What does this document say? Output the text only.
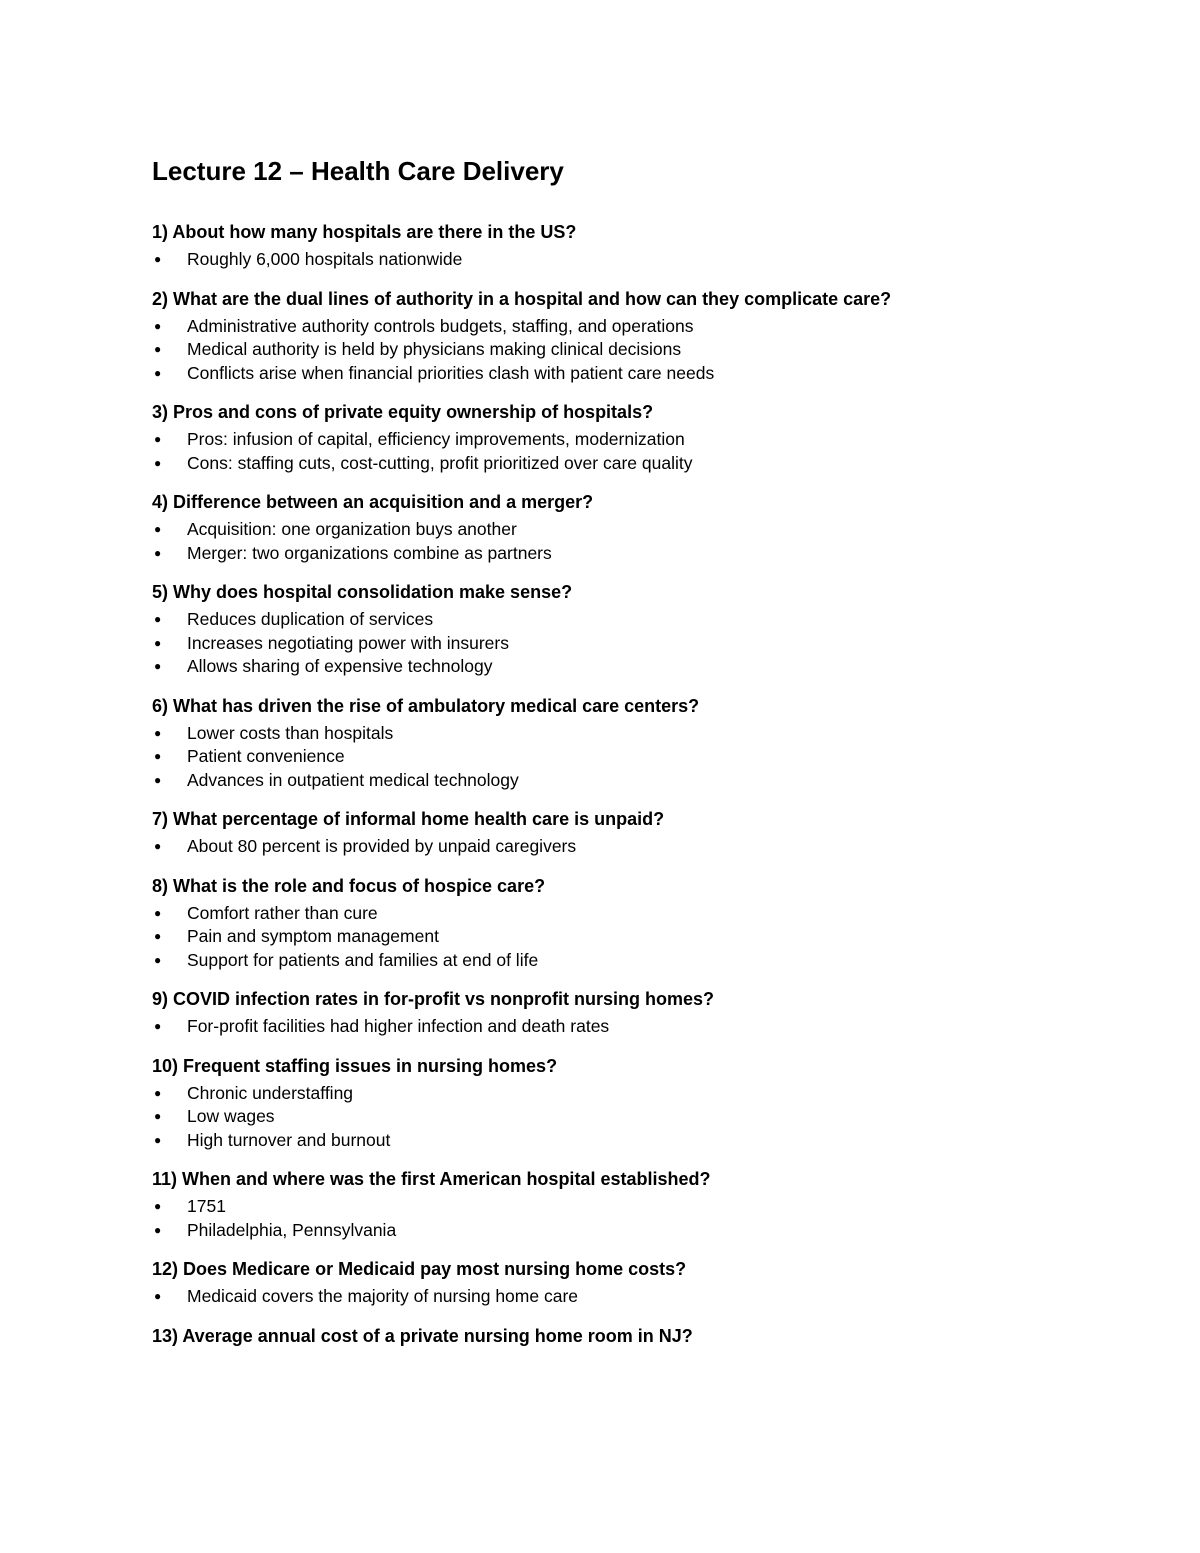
Lecture 12 – Health Care Delivery

1) About how many hospitals are there in the US?

● Roughly 6,000 hospitals nationwide

2) What are the dual lines of authority in a hospital and how can they complicate care?

● Administrative authority controls budgets, staffing, and operations
● Medical authority is held by physicians making clinical decisions
● Conflicts arise when financial priorities clash with patient care needs

3) Pros and cons of private equity ownership of hospitals?

● Pros: infusion of capital, efficiency improvements, modernization
● Cons: staffing cuts, cost-cutting, profit prioritized over care quality

4) Difference between an acquisition and a merger?

● Acquisition: one organization buys another
● Merger: two organizations combine as partners

5) Why does hospital consolidation make sense?

● Reduces duplication of services
● Increases negotiating power with insurers
● Allows sharing of expensive technology

6) What has driven the rise of ambulatory medical care centers?

● Lower costs than hospitals
● Patient convenience
● Advances in outpatient medical technology

7) What percentage of informal home health care is unpaid?

● About 80 percent is provided by unpaid caregivers

8) What is the role and focus of hospice care?

● Comfort rather than cure
● Pain and symptom management
● Support for patients and families at end of life

9) COVID infection rates in for-profit vs nonprofit nursing homes?

● For-profit facilities had higher infection and death rates

10) Frequent staffing issues in nursing homes?

● Chronic understaffing
● Low wages
● High turnover and burnout

11) When and where was the first American hospital established?

● 1751
● Philadelphia, Pennsylvania

12) Does Medicare or Medicaid pay most nursing home costs?

● Medicaid covers the majority of nursing home care

13) Average annual cost of a private nursing home room in NJ?
